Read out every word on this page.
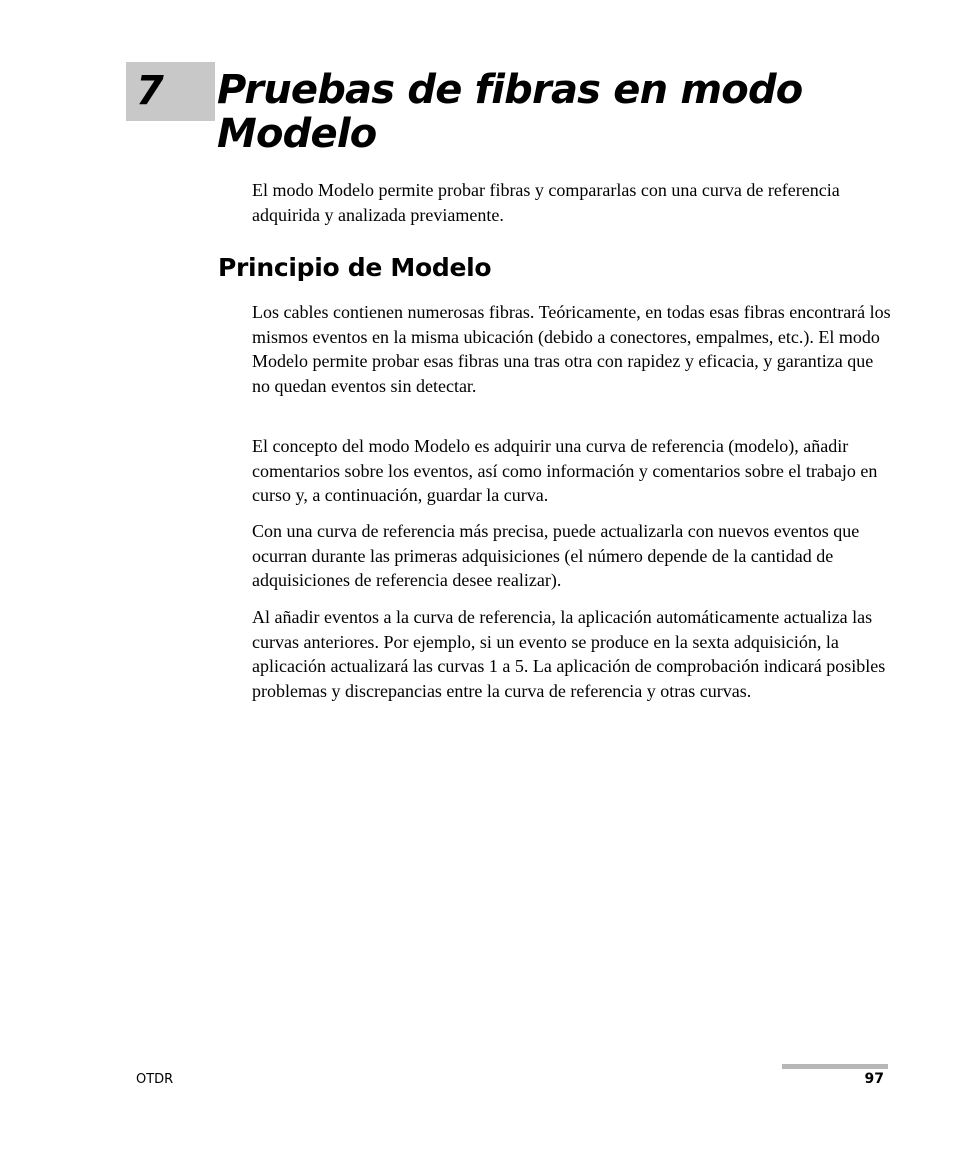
7 Pruebas de fibras en modo Modelo

El modo Modelo permite probar fibras y compararlas con una curva de referencia adquirida y analizada previamente.

Principio de Modelo

Los cables contienen numerosas fibras. Teóricamente, en todas esas fibras encontrará los mismos eventos en la misma ubicación (debido a conectores, empalmes, etc.). El modo Modelo permite probar esas fibras una tras otra con rapidez y eficacia, y garantiza que no quedan eventos sin detectar.

El concepto del modo Modelo es adquirir una curva de referencia (modelo), añadir comentarios sobre los eventos, así como información y comentarios sobre el trabajo en curso y, a continuación, guardar la curva.

Con una curva de referencia más precisa, puede actualizarla con nuevos eventos que ocurran durante las primeras adquisiciones (el número depende de la cantidad de adquisiciones de referencia desee realizar).

Al añadir eventos a la curva de referencia, la aplicación automáticamente actualiza las curvas anteriores. Por ejemplo, si un evento se produce en la sexta adquisición, la aplicación actualizará las curvas 1 a 5. La aplicación de comprobación indicará posibles problemas y discrepancias entre la curva de referencia y otras curvas.

OTDR	97
